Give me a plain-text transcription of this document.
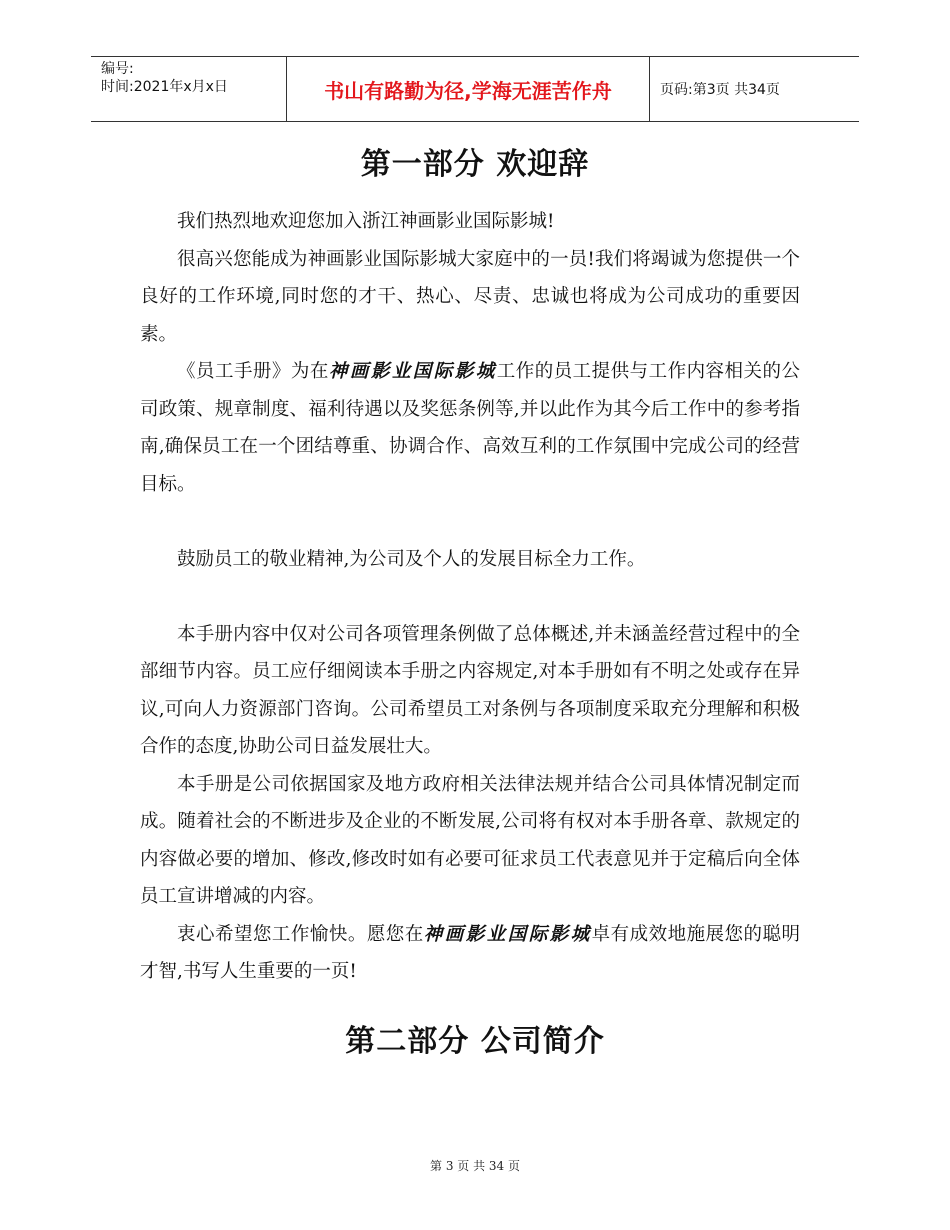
编号:
时间:2021年x月x日	书山有路勤为径,学海无涯苦作舟	页码:第3页 共34页
第一部分 欢迎辞

我们热烈地欢迎您加入浙江神画影业国际影城!

很高兴您能成为神画影业国际影城大家庭中的一员!我们将竭诚为您提供一个良好的工作环境,同时您的才干、热心、尽责、忠诚也将成为公司成功的重要因素。

《员工手册》为在神画影业国际影城工作的员工提供与工作内容相关的公司政策、规章制度、福利待遇以及奖惩条例等,并以此作为其今后工作中的参考指南,确保员工在一个团结尊重、协调合作、高效互利的工作氛围中完成公司的经营目标。

鼓励员工的敬业精神,为公司及个人的发展目标全力工作。

本手册内容中仅对公司各项管理条例做了总体概述,并未涵盖经营过程中的全部细节内容。员工应仔细阅读本手册之内容规定,对本手册如有不明之处或存在异议,可向人力资源部门咨询。公司希望员工对条例与各项制度采取充分理解和积极合作的态度,协助公司日益发展壮大。

本手册是公司依据国家及地方政府相关法律法规并结合公司具体情况制定而成。随着社会的不断进步及企业的不断发展,公司将有权对本手册各章、款规定的内容做必要的增加、修改,修改时如有必要可征求员工代表意见并于定稿后向全体员工宣讲增减的内容。

衷心希望您工作愉快。愿您在神画影业国际影城卓有成效地施展您的聪明才智,书写人生重要的一页!

第二部分 公司简介
第 3 页 共 34 页
